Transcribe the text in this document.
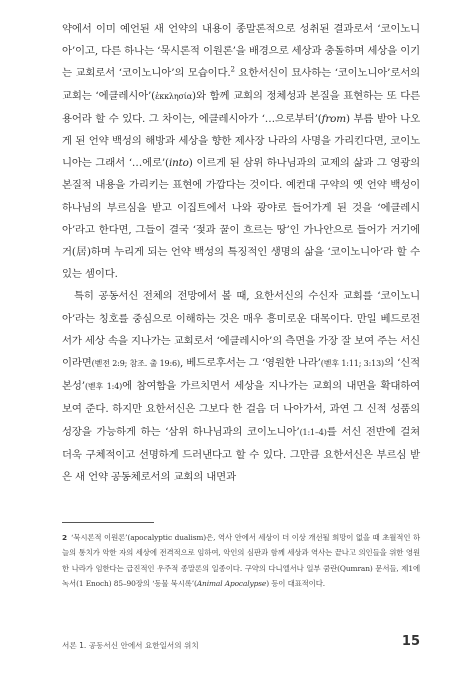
약에서 이미 예언된 새 언약의 내용이 종말론적으로 성취된 결과로서 ‘코이노니아’이고, 다른 하나는 ‘묵시론적 이원론’을 배경으로 세상과 충돌하며 세상을 이기는 교회로서 ‘코이노니아’의 모습이다.$^2$ 요한서신이 묘사하는 ‘코이노니아’로서의 교회는 ‘에클레시아’(ἐκκλησία)와 함께 교회의 정체성과 본질을 표현하는 또 다른 용어라 할 수 있다. 그 차이는, 에클레시아가 ‘…으로부터’(from) 부름 받아 나오게 된 언약 백성의 해방과 세상을 향한 제사장 나라의 사명을 가리킨다면, 코이노니아는 그래서 ‘…에로’(into) 이르게 된 삼위 하나님과의 교제의 삶과 그 영광의 본질적 내용을 가리키는 표현에 가깝다는 것이다. 예컨대 구약의 옛 언약 백성이 하나님의 부르심을 받고 이집트에서 나와 광야로 들어가게 된 것을 ‘에클레시아’라고 한다면, 그들이 결국 ‘젖과 꿀이 흐르는 땅’인 가나안으로 들어가 거기에 거(居)하며 누리게 되는 언약 백성의 특징적인 생명의 삶을 ‘코이노니아’라 할 수 있는 셈이다.

특히 공동서신 전체의 전망에서 볼 때, 요한서신의 수신자 교회를 ‘코이노니아’라는 칭호를 중심으로 이해하는 것은 매우 흥미로운 대목이다. 만일 베드로전서가 세상 속을 지나가는 교회로서 ‘에클레시아’의 측면을 가장 잘 보여 주는 서신이라면(벧전 2:9; 참조. 출 19:6), 베드로후서는 그 ‘영원한 나라’(벧후 1:11; 3:13)의 ‘신적 본성’(벧후 1:4)에 참여함을 가르치면서 세상을 지나가는 교회의 내면을 확대하여 보여 준다. 하지만 요한서신은 그보다 한 걸음 더 나아가서, 과연 그 신적 성품의 성장을 가능하게 하는 ‘삼위 하나님과의 코이노니아’(1:1–4)를 서신 전반에 걸쳐 더욱 구체적이고 선명하게 드러낸다고 할 수 있다. 그만큼 요한서신은 부르심 받은 새 언약 공동체로서의 교회의 내면과

2 ‘묵시론적 이원론’(apocalyptic dualism)은, 역사 안에서 세상이 더 이상 개선될 희망이 없을 때 초월적인 하늘의 통치가 악한 자의 세상에 전격적으로 임하여, 악인의 심판과 함께 세상과 역사는 끝나고 의인들을 위한 영원한 나라가 임한다는 급진적인 우주적 종말론의 일종이다. 구약의 다니엘서나 일부 쿰란(Qumran) 문서들, 제1에녹서(1 Enoch) 85–90장의 ‘동물 묵시록’(Animal Apocalypse) 등이 대표적이다.
서론 1. 공동서신 안에서 요한일서의 위치	15
